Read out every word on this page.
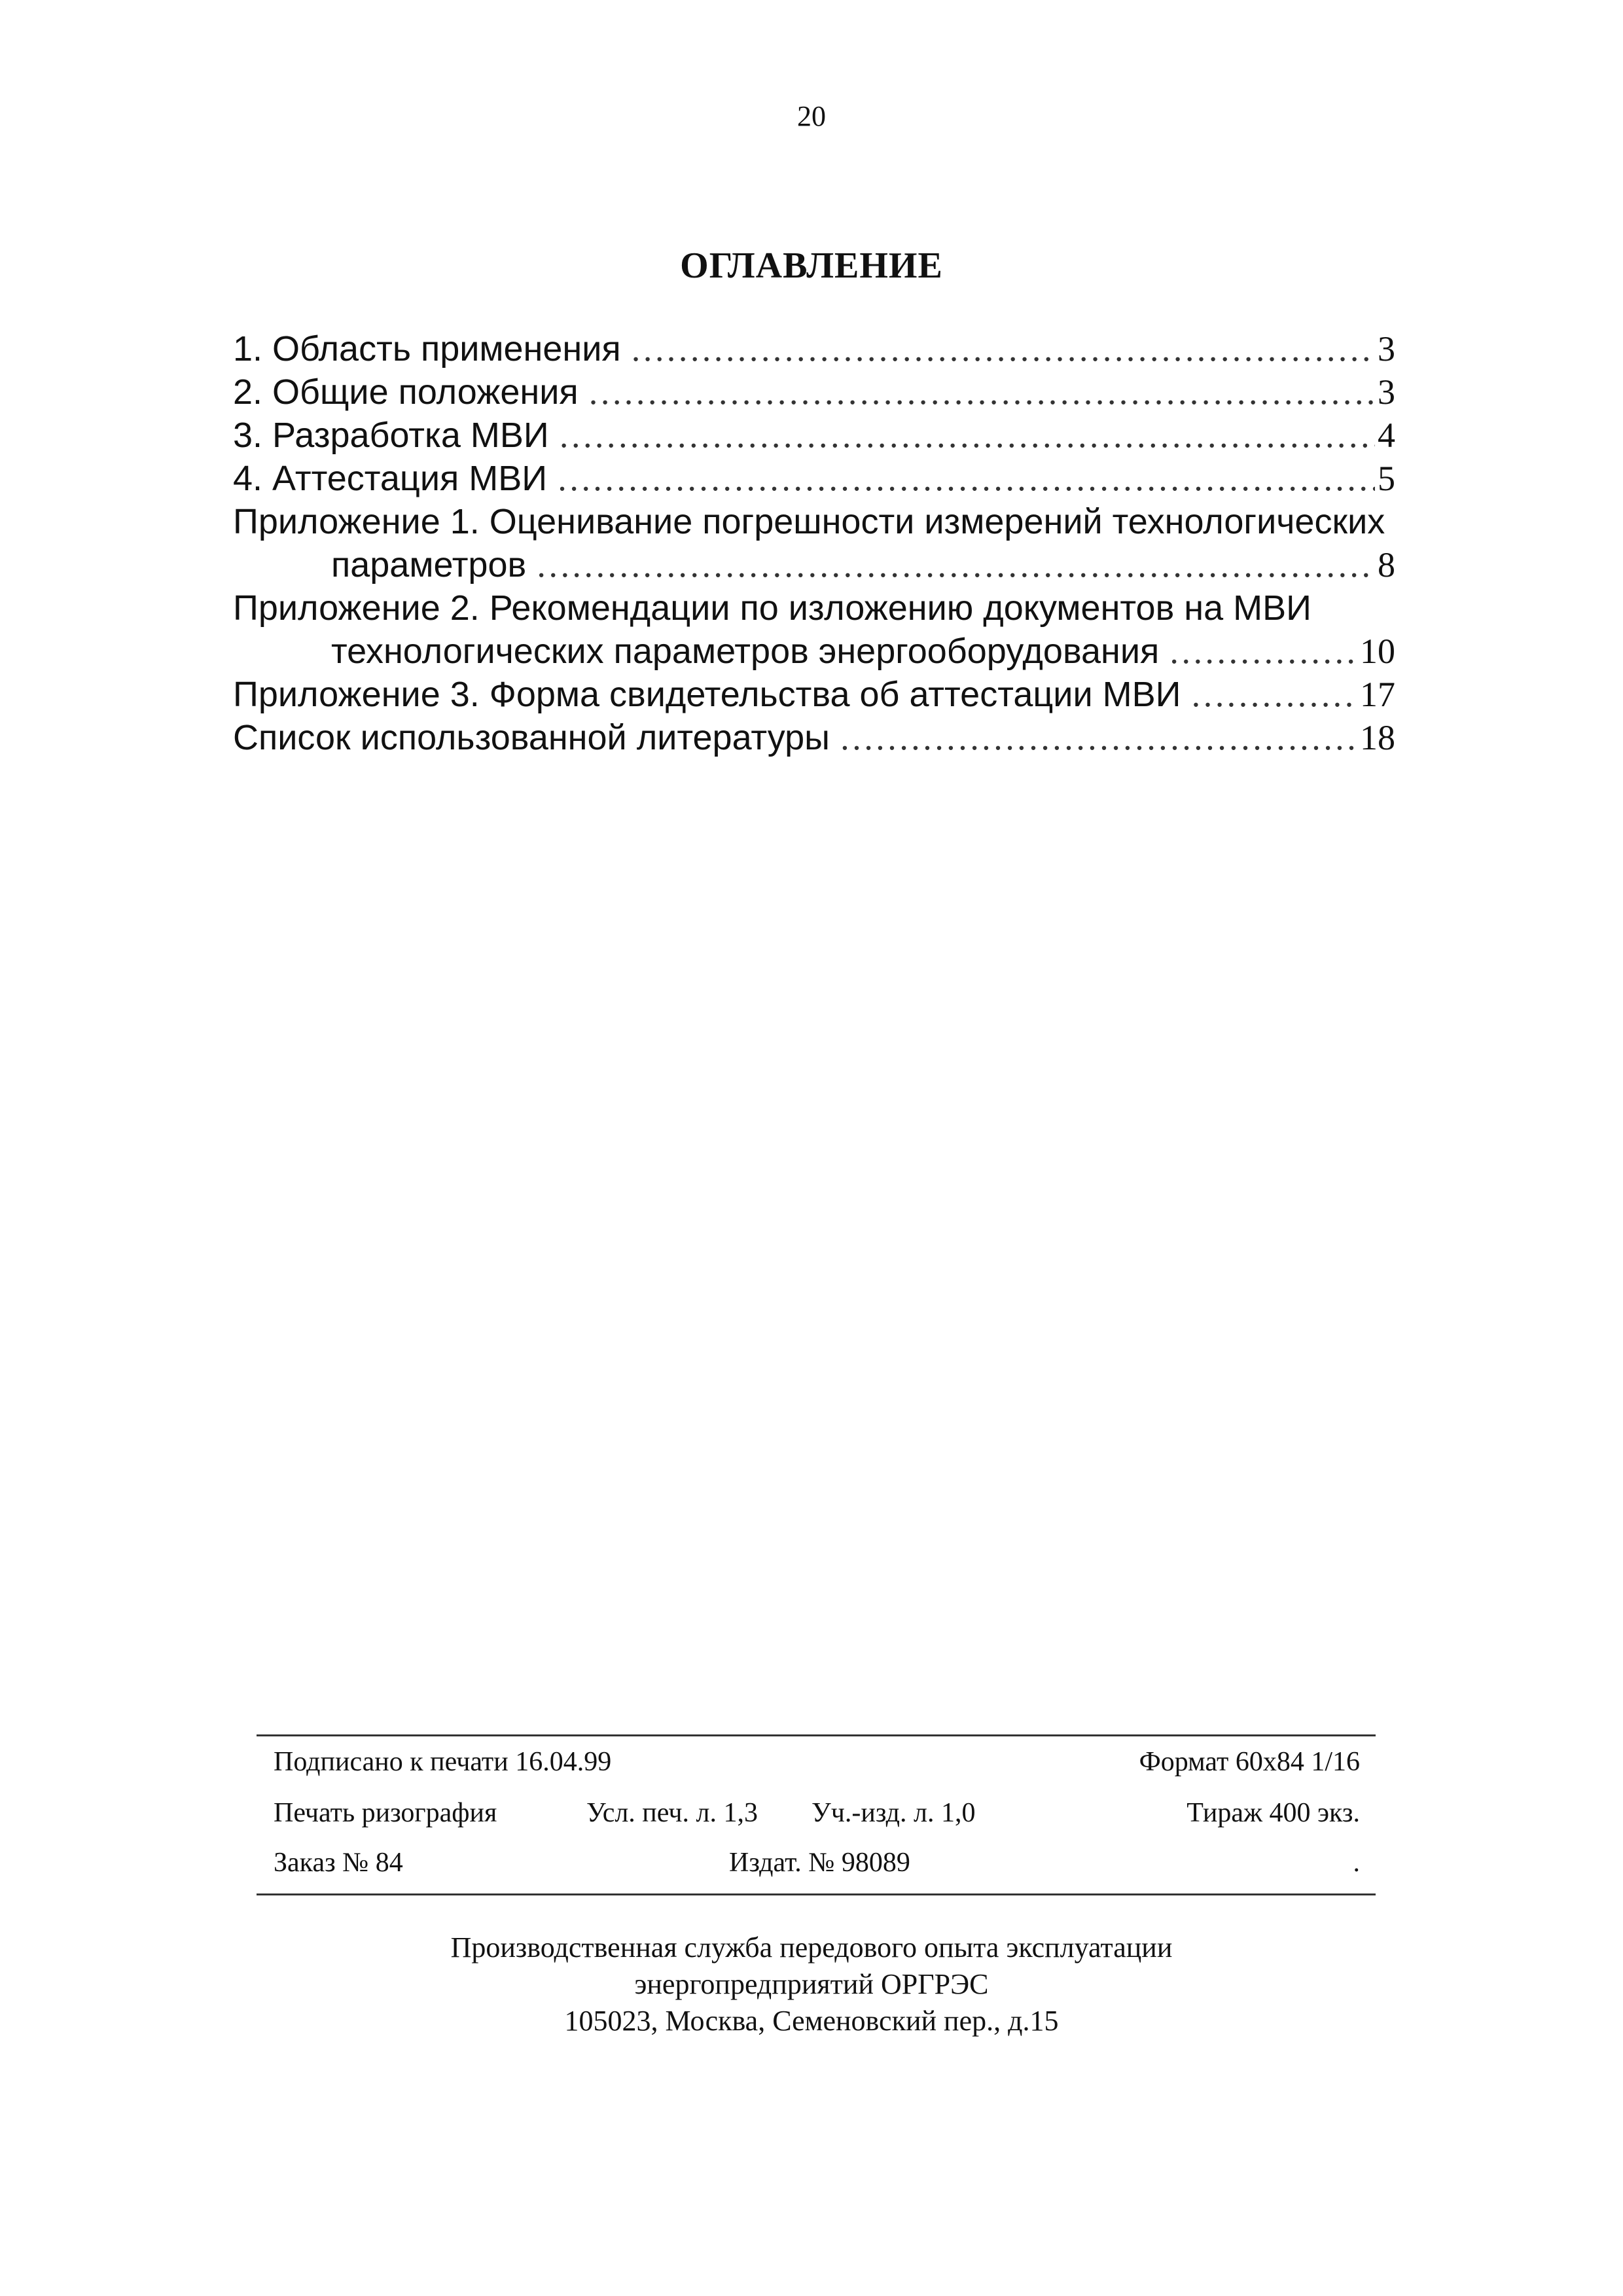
20
ОГЛАВЛЕНИЕ
1. Область применения ……………………………………………………………………………………………………………………………………………………	3
2. Общие положения ……………………………………………………………………………………………………………………………………………………	3
3. Разработка МВИ ……………………………………………………………………………………………………………………………………………………	4
4. Аттестация МВИ ……………………………………………………………………………………………………………………………………………………	5
Приложение 1. Оценивание погрешности измерений технологических
параметров ……………………………………………………………………………………………………………………………………………………	8
Приложение 2. Рекомендации по изложению документов на МВИ
технологических параметров энергооборудования ……………………………………………………………………………………………………………………………………………………	10
Приложение 3. Форма свидетельства об аттестации МВИ ……………………………………………………………………………………………………………………………………………………	17
Список использованной литературы ……………………………………………………………………………………………………………………………………………………	18
Подписано к печати 16.04.99	Формат 60х84 1/16
Печать ризография	Усл. печ. л. 1,3 Уч.-изд. л. 1,0	Тираж 400 экз.
Заказ № 84	Издат. № 98089	.
Производственная служба передового опыта эксплуатации
энергопредприятий ОРГРЭС
105023, Москва, Семеновский пер., д.15
